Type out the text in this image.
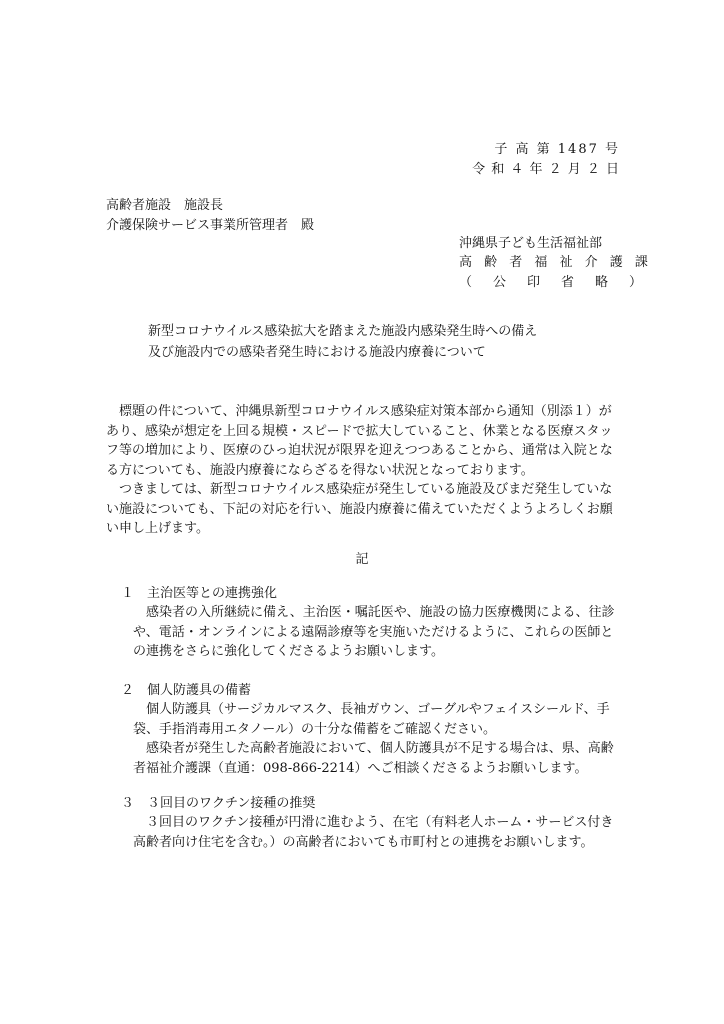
子 高 第 1487 号
令 和 ４ 年 ２ 月 ２ 日
高齢者施設　施設長
介護保険サービス事業所管理者　殿
沖縄県子ども生活福祉部
高 齢 者 福 祉 介 護 課
（　公　印　省　略　）
新型コロナウイルス感染拡大を踏まえた施設内感染発生時への備え
及び施設内での感染者発生時における施設内療養について
標題の件について、沖縄県新型コロナウイルス感染症対策本部から通知（別添１）があり、感染が想定を上回る規模・スピードで拡大していること、休業となる医療スタッフ等の増加により、医療のひっ迫状況が限界を迎えつつあることから、通常は入院となる方についても、施設内療養にならざるを得ない状況となっております。
つきましては、新型コロナウイルス感染症が発生している施設及びまだ発生していない施設についても、下記の対応を行い、施設内療養に備えていただくようよろしくお願い申し上げます。
記
１　主治医等との連携強化
感染者の入所継続に備え、主治医・嘱託医や、施設の協力医療機関による、往診や、電話・オンラインによる遠隔診療等を実施いただけるように、これらの医師との連携をさらに強化してくださるようお願いします。
２　個人防護具の備蓄
個人防護具（サージカルマスク、長袖ガウン、ゴーグルやフェイスシールド、手袋、手指消毒用エタノール）の十分な備蓄をご確認ください。
感染者が発生した高齢者施設において、個人防護具が不足する場合は、県、高齢者福祉介護課（直通：098-866-2214）へご相談くださるようお願いします。
３　３回目のワクチン接種の推奨
３回目のワクチン接種が円滑に進むよう、在宅（有料老人ホーム・サービス付き高齢者向け住宅を含む。）の高齢者においても市町村との連携をお願いします。
